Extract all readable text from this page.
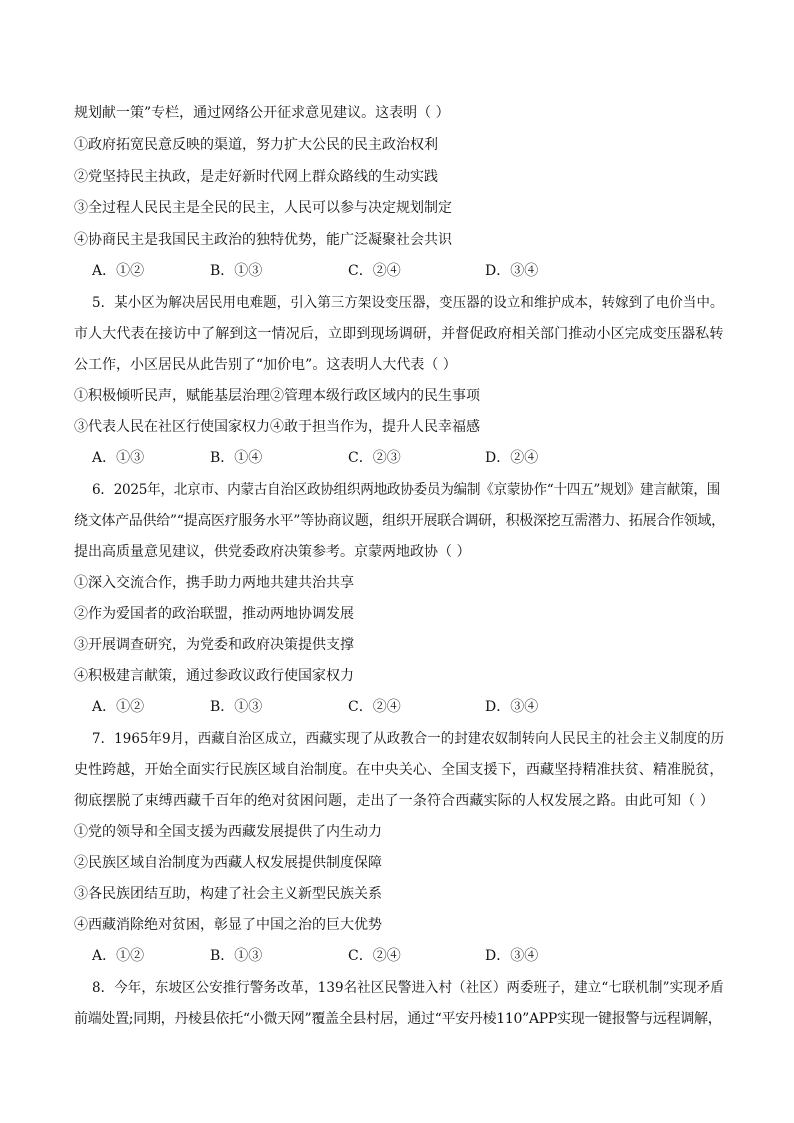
规划献一策”专栏，通过网络公开征求意见建议。这表明（ ）
①政府拓宽民意反映的渠道，努力扩大公民的民主政治权利
②党坚持民主执政，是走好新时代网上群众路线的生动实践
③全过程人民民主是全民的民主，人民可以参与决定规划制定
④协商民主是我国民主政治的独特优势，能广泛凝聚社会共识
A．①②	B．①③	C．②④	D．③④
5．某小区为解决居民用电难题，引入第三方架设变压器，变压器的设立和维护成本，转嫁到了电价当中。
市人大代表在接访中了解到这一情况后，立即到现场调研，并督促政府相关部门推动小区完成变压器私转
公工作，小区居民从此告别了“加价电”。这表明人大代表（ ）
①积极倾听民声，赋能基层治理②管理本级行政区域内的民生事项
③代表人民在社区行使国家权力④敢于担当作为，提升人民幸福感
A．①③	B．①④	C．②③	D．②④
6．2025年，北京市、内蒙古自治区政协组织两地政协委员为编制《京蒙协作“十四五”规划》建言献策，围
绕文体产品供给”“提高医疗服务水平”等协商议题，组织开展联合调研，积极深挖互需潜力、拓展合作领域，
提出高质量意见建议，供党委政府决策参考。京蒙两地政协（ ）
①深入交流合作，携手助力两地共建共治共享
②作为爱国者的政治联盟，推动两地协调发展
③开展调查研究，为党委和政府决策提供支撑
④积极建言献策，通过参政议政行使国家权力
A．①②	B．①③	C．②④	D．③④
7．1965年9月，西藏自治区成立，西藏实现了从政教合一的封建农奴制转向人民民主的社会主义制度的历
史性跨越，开始全面实行民族区域自治制度。在中央关心、全国支援下，西藏坚持精准扶贫、精准脱贫，
彻底摆脱了束缚西藏千百年的绝对贫困问题，走出了一条符合西藏实际的人权发展之路。由此可知（ ）
①党的领导和全国支援为西藏发展提供了内生动力
②民族区域自治制度为西藏人权发展提供制度保障
③各民族团结互助，构建了社会主义新型民族关系
④西藏消除绝对贫困，彰显了中国之治的巨大优势
A．①②	B．①③	C．②④	D．③④
8．今年，东坡区公安推行警务改革，139名社区民警进入村（社区）两委班子，建立“七联机制”实现矛盾
前端处置;同期，丹棱县依托“小微天网”覆盖全县村居，通过“平安丹棱110”APP实现一键报警与远程调解，
